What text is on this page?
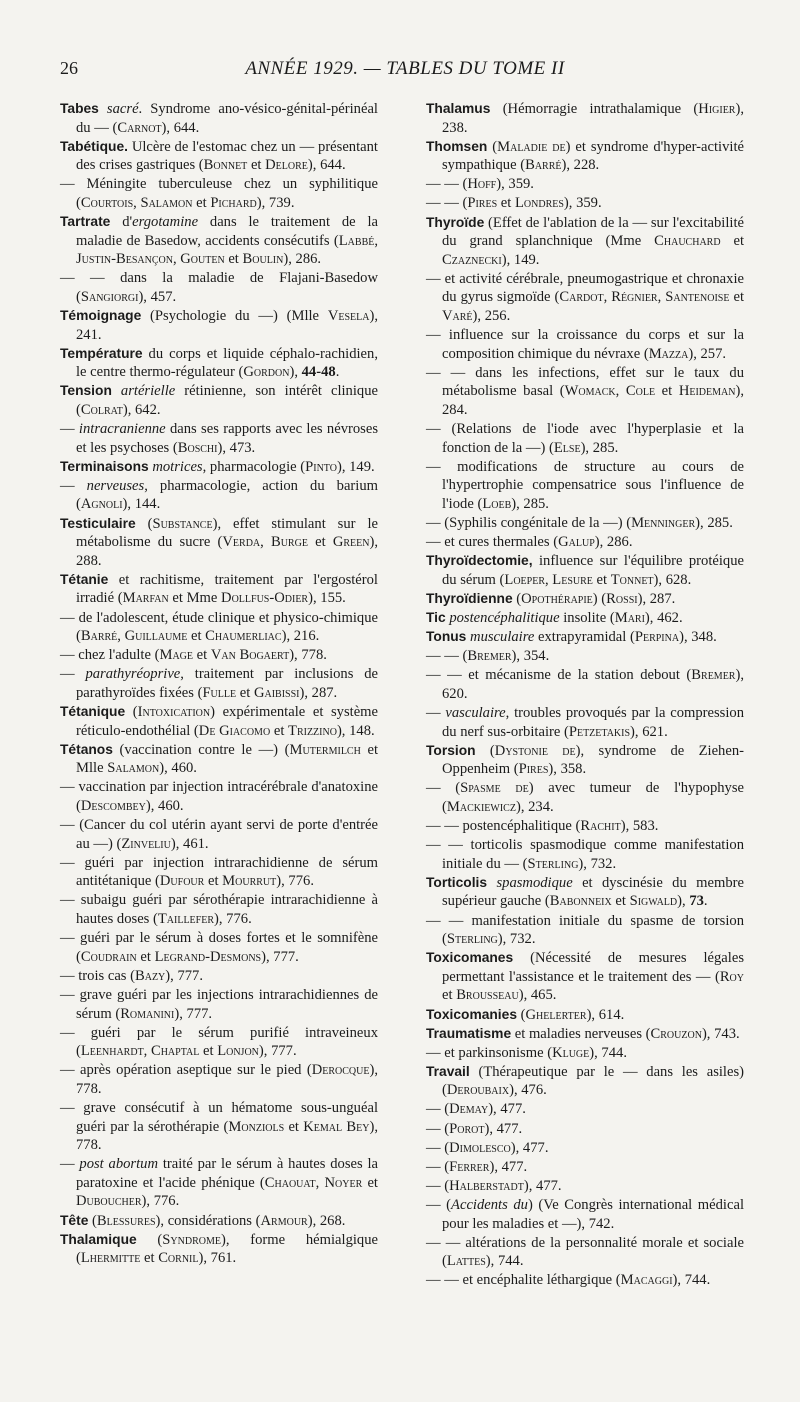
26	ANNÉE 1929. — TABLES DU TOME II
Tabes sacré. Syndrome ano-vésico-génital-périnéal du — (Carnot), 644.
Tabétique. Ulcère de l'estomac chez un — présentant des crises gastriques (Bonnet et Delore), 644.
— Méningite tuberculeuse chez un syphilitique (Courtois, Salamon et Pichard), 739.
Tartrate d'ergotamine dans le traitement de la maladie de Basedow, accidents consécutifs (Labbé, Justin-Besançon, Gouten et Boulin), 286.
— — dans la maladie de Flajani-Basedow (Sangiorgi), 457.
Témoignage (Psychologie du —) (Mlle Vesela), 241.
Température du corps et liquide céphalo-rachidien, le centre thermo-régulateur (Gordon), 44-48.
Tension artérielle rétinienne, son intérêt clinique (Colrat), 642.
— intracranienne dans ses rapports avec les névroses et les psychoses (Boschi), 473.
Terminaisons motrices, pharmacologie (Pinto), 149.
— nerveuses, pharmacologie, action du barium (Agnoli), 144.
Testiculaire (Substance), effet stimulant sur le métabolisme du sucre (Verda, Burge et Green), 288.
Tétanie et rachitisme, traitement par l'ergostérol irradié (Marfan et Mme Dollfus-Odier), 155.
— de l'adolescent, étude clinique et physico-chimique (Barré, Guillaume et Chaumerliac), 216.
— chez l'adulte (Mage et Van Bogaert), 778.
— parathyréoprive, traitement par inclusions de parathyroïdes fixées (Fulle et Gaibissi), 287.
Tétanique (Intoxication) expérimentale et système réticulo-endothélial (De Giacomo et Trizzino), 148.
Tétanos (vaccination contre le —) (Mutermilch et Mlle Salamon), 460.
— vaccination par injection intracérébrale d'anatoxine (Descombey), 460.
— (Cancer du col utérin ayant servi de porte d'entrée au —) (Zinveliu), 461.
— guéri par injection intrarachidienne de sérum antitétanique (Dufour et Mourrut), 776.
— subaigu guéri par sérothérapie intrarachidienne à hautes doses (Taillefer), 776.
— guéri par le sérum à doses fortes et le somnifène (Coudrain et Legrand-Desmons), 777.
— trois cas (Bazy), 777.
— grave guéri par les injections intrarachidiennes de sérum (Romanini), 777.
— guéri par le sérum purifié intraveineux (Leenhardt, Chaptal et Lonjon), 777.
— après opération aseptique sur le pied (Derocque), 778.
— grave consécutif à un hématome sous-unguéal guéri par la sérothérapie (Monziols et Kemal Bey), 778.
— post abortum traité par le sérum à hautes doses la paratoxine et l'acide phénique (Chaouat, Noyer et Duboucher), 776.
Tête (Blessures), considérations (Armour), 268.
Thalamique (Syndrome), forme hémialgique (Lhermitte et Cornil), 761.
Thalamus (Hémorragie intrathalamique (Higier), 238.
Thomsen (Maladie de) et syndrome d'hyper-activité sympathique (Barré), 228.
— — (Hoff), 359.
— — (Pires et Londres), 359.
Thyroïde (Effet de l'ablation de la — sur l'excitabilité du grand splanchnique (Mme Chauchard et Czaznecki), 149.
— et activité cérébrale, pneumogastrique et chronaxie du gyrus sigmoïde (Cardot, Régnier, Santenoise et Varé), 256.
— influence sur la croissance du corps et sur la composition chimique du névraxe (Mazza), 257.
— — dans les infections, effet sur le taux du métabolisme basal (Womack, Cole et Heideman), 284.
— (Relations de l'iode avec l'hyperplasie et la fonction de la —) (Else), 285.
— modifications de structure au cours de l'hypertrophie compensatrice sous l'influence de l'iode (Loeb), 285.
— (Syphilis congénitale de la —) (Menninger), 285.
— et cures thermales (Galup), 286.
Thyroïdectomie, influence sur l'équilibre protéique du sérum (Loeper, Lesure et Tonnet), 628.
Thyroïdienne (Opothérapie) (Rossi), 287.
Tic postencéphalitique insolite (Mari), 462.
Tonus musculaire extrapyramidal (Perpina), 348.
— — (Bremer), 354.
— — et mécanisme de la station debout (Bremer), 620.
— vasculaire, troubles provoqués par la compression du nerf sus-orbitaire (Petzetakis), 621.
Torsion (Dystonie de), syndrome de Ziehen-Oppenheim (Pires), 358.
— (Spasme de) avec tumeur de l'hypophyse (Mackiewicz), 234.
— — postencéphalitique (Rachit), 583.
— — torticolis spasmodique comme manifestation initiale du — (Sterling), 732.
Torticolis spasmodique et dyscinésie du membre supérieur gauche (Babonneix et Sigwald), 73.
— — manifestation initiale du spasme de torsion (Sterling), 732.
Toxicomanes (Nécessité de mesures légales permettant l'assistance et le traitement des — (Roy et Brousseau), 465.
Toxicomanies (Ghelerter), 614.
Traumatisme et maladies nerveuses (Crouzon), 743.
— et parkinsonisme (Kluge), 744.
Travail (Thérapeutique par le — dans les asiles) (Deroubaix), 476.
— (Demay), 477.
— (Porot), 477.
— (Dimolesco), 477.
— (Ferrer), 477.
— (Halberstadt), 477.
— (Accidents du) (Ve Congrès international médical pour les maladies et —), 742.
— — altérations de la personnalité morale et sociale (Lattes), 744.
— — et encéphalite léthargique (Macaggi), 744.
